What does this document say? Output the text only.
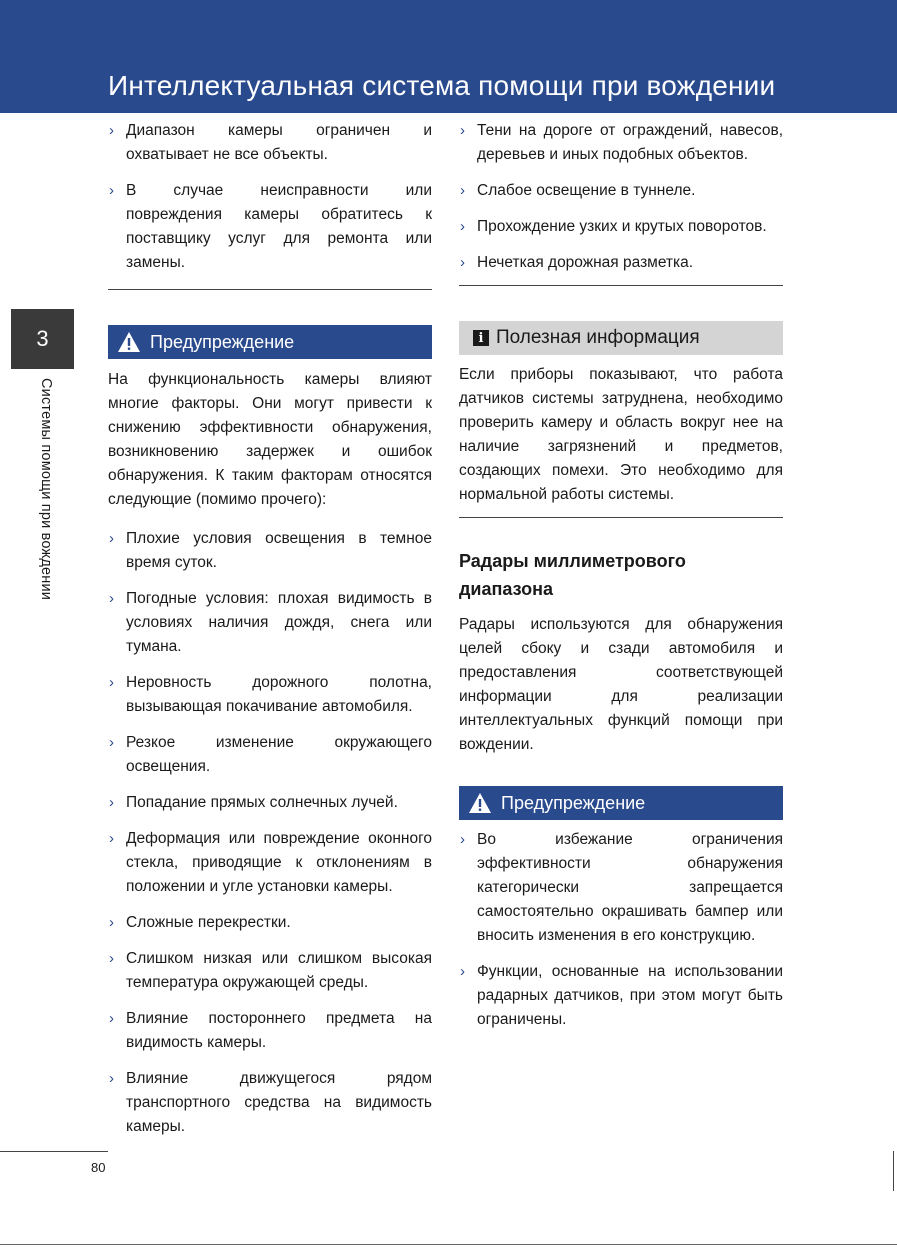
Интеллектуальная система помощи при вождении
3
Системы помощи при вождении
› Диапазон камеры ограничен и охватывает не все объекты.
› В случае неисправности или повреждения камеры обратитесь к поставщику услуг для ремонта или замены.
Предупреждение

На функциональность камеры влияют многие факторы. Они могут привести к снижению эффективности обнаружения, возникновению задержек и ошибок обнаружения. К таким факторам относятся следующие (помимо прочего):

› Плохие условия освещения в темное время суток.
› Погодные условия: плохая видимость в условиях наличия дождя, снега или тумана.
› Неровность дорожного полотна, вызывающая покачивание автомобиля.
› Резкое изменение окружающего освещения.
› Попадание прямых солнечных лучей.
› Деформация или повреждение оконного стекла, приводящие к отклонениям в положении и угле установки камеры.
› Сложные перекрестки.
› Слишком низкая или слишком высокая температура окружающей среды.
› Влияние постороннего предмета на видимость камеры.
› Влияние движущегося рядом транспортного средства на видимость камеры.
› Тени на дороге от ограждений, навесов, деревьев и иных подобных объектов.
› Слабое освещение в туннеле.
› Прохождение узких и крутых поворотов.
› Нечеткая дорожная разметка.
i Полезная информация

Если приборы показывают, что работа датчиков системы затруднена, необходимо проверить камеру и область вокруг нее на наличие загрязнений и предметов, создающих помехи. Это необходимо для нормальной работы системы.

Радары миллиметрового диапазона

Радары используются для обнаружения целей сбоку и сзади автомобиля и предоставления соответствующей информации для реализации интеллектуальных функций помощи при вождении.

Предупреждение
› Во избежание ограничения эффективности обнаружения категорически запрещается самостоятельно окрашивать бампер или вносить изменения в его конструкцию.
› Функции, основанные на использовании радарных датчиков, при этом могут быть ограничены.
80
